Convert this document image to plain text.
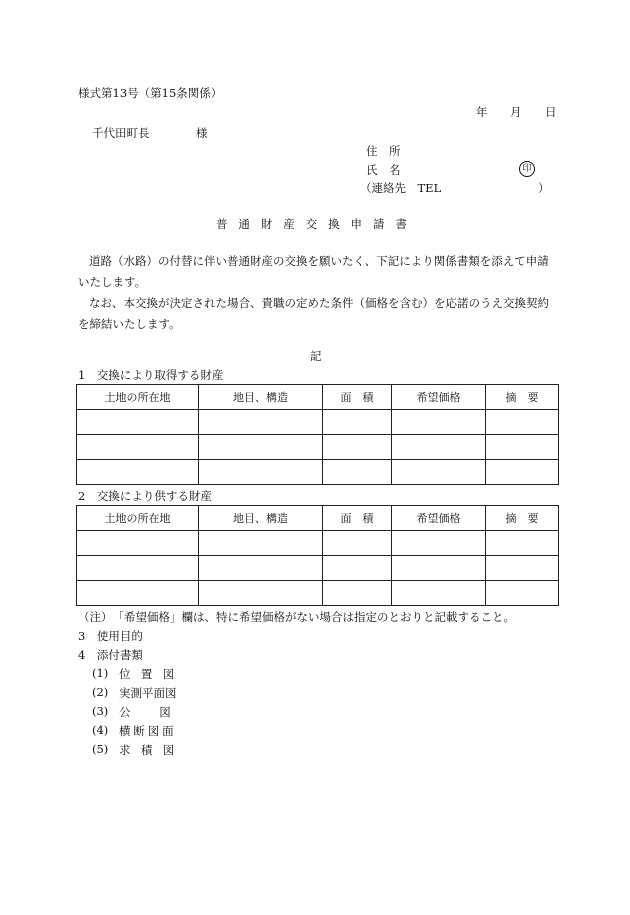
様式第13号（第15条関係）
年 月 日
千代田町長	様
住　所
氏　名	印
（連絡先　TEL	）
普通財産交換申請書
道路（水路）の付替に伴い普通財産の交換を願いたく、下記により関係書類を添えて申請いたします。
なお、本交換が決定された場合、貴職の定めた条件（価格を含む）を応諾のうえ交換契約を締結いたします。
記
1　交換により取得する財産
土地の所在地	地目、構造	面　積	希望価格	摘　要

2　交換により供する財産
土地の所在地	地目、構造	面　積	希望価格	摘　要

（注）　「希望価格」欄は、特に希望価格がない場合は指定のとおりと記載すること。
3　使用目的
4　添付書類
(1) 位置図
(2) 実測平面図
(3) 公　図
(4) 横断図面
(5) 求積図
